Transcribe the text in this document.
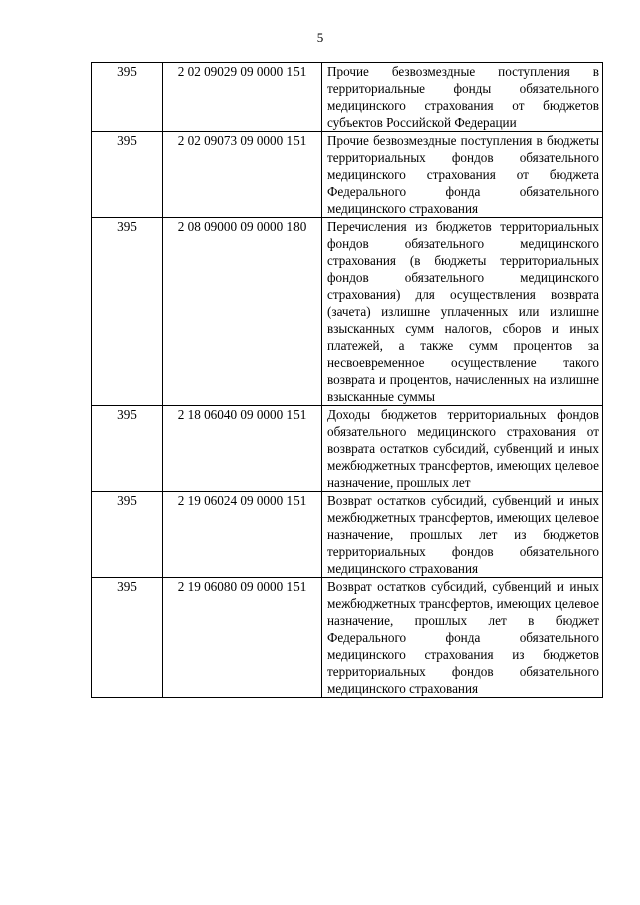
5
395	2 02 09029 09 0000 151	Прочие безвозмездные поступления в территориальные фонды обязательного медицинского страхования от бюджетов субъектов Российской Федерации

395	2 02 09073 09 0000 151	Прочие безвозмездные поступления в бюджеты территориальных фондов обязательного медицинского страхования от бюджета Федерального фонда обязательного медицинского страхования

395	2 08 09000 09 0000 180	Перечисления из бюджетов территориальных фондов обязательного медицинского страхования (в бюджеты территориальных фондов обязательного медицинского страхования) для осуществления возврата (зачета) излишне уплаченных или излишне взысканных сумм налогов, сборов и иных платежей, а также сумм процентов за несвоевременное осуществление такого возврата и процентов, начисленных на излишне взысканные суммы

395	2 18 06040 09 0000 151	Доходы бюджетов территориальных фондов обязательного медицинского страхования от возврата остатков субсидий, субвенций и иных межбюджетных трансфертов, имеющих целевое назначение, прошлых лет

395	2 19 06024 09 0000 151	Возврат остатков субсидий, субвенций и иных межбюджетных трансфертов, имеющих целевое назначение, прошлых лет из бюджетов территориальных фондов обязательного медицинского страхования

395	2 19 06080 09 0000 151	Возврат остатков субсидий, субвенций и иных межбюджетных трансфертов, имеющих целевое назначение, прошлых лет в бюджет Федерального фонда обязательного медицинского страхования из бюджетов территориальных фондов обязательного медицинского страхования
